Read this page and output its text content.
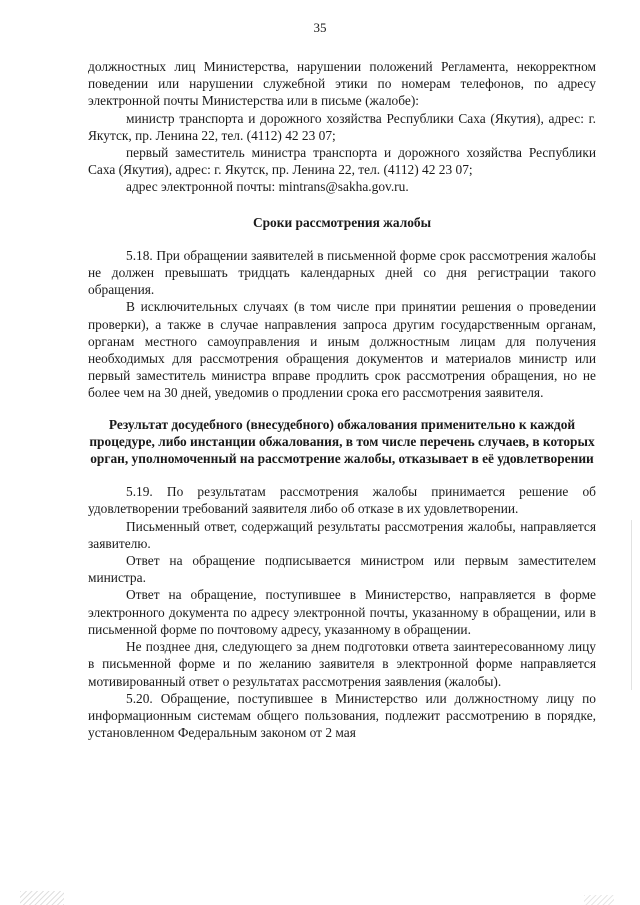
35

должностных лиц Министерства, нарушении положений Регламента, некорректном поведении или нарушении служебной этики по номерам телефонов, по адресу электронной почты Министерства или в письме (жалобе):

министр транспорта и дорожного хозяйства Республики Саха (Якутия), адрес: г. Якутск, пр. Ленина 22, тел. (4112) 42 23 07;

первый заместитель министра транспорта и дорожного хозяйства Республики Саха (Якутия), адрес: г. Якутск, пр. Ленина 22, тел. (4112) 42 23 07;

адрес электронной почты: mintrans@sakha.gov.ru.

Сроки рассмотрения жалобы

5.18. При обращении заявителей в письменной форме срок рассмотрения жалобы не должен превышать тридцать календарных дней со дня регистрации такого обращения.

В исключительных случаях (в том числе при принятии решения о проведении проверки), а также в случае направления запроса другим государственным органам, органам местного самоуправления и иным должностным лицам для получения необходимых для рассмотрения обращения документов и материалов министр или первый заместитель министра вправе продлить срок рассмотрения обращения, но не более чем на 30 дней, уведомив о продлении срока его рассмотрения заявителя.

Результат досудебного (внесудебного) обжалования применительно к каждой процедуре, либо инстанции обжалования, в том числе перечень случаев, в которых орган, уполномоченный на рассмотрение жалобы, отказывает в её удовлетворении

5.19. По результатам рассмотрения жалобы принимается решение об удовлетворении требований заявителя либо об отказе в их удовлетворении.

Письменный ответ, содержащий результаты рассмотрения жалобы, направляется заявителю.

Ответ на обращение подписывается министром или первым заместителем министра.

Ответ на обращение, поступившее в Министерство, направляется в форме электронного документа по адресу электронной почты, указанному в обращении, или в письменной форме по почтовому адресу, указанному в обращении.

Не позднее дня, следующего за днем подготовки ответа заинтересованному лицу в письменной форме и по желанию заявителя в электронной форме направляется мотивированный ответ о результатах рассмотрения заявления (жалобы).

5.20. Обращение, поступившее в Министерство или должностному лицу по информационным системам общего пользования, подлежит рассмотрению в порядке, установленном Федеральным законом от 2 мая
